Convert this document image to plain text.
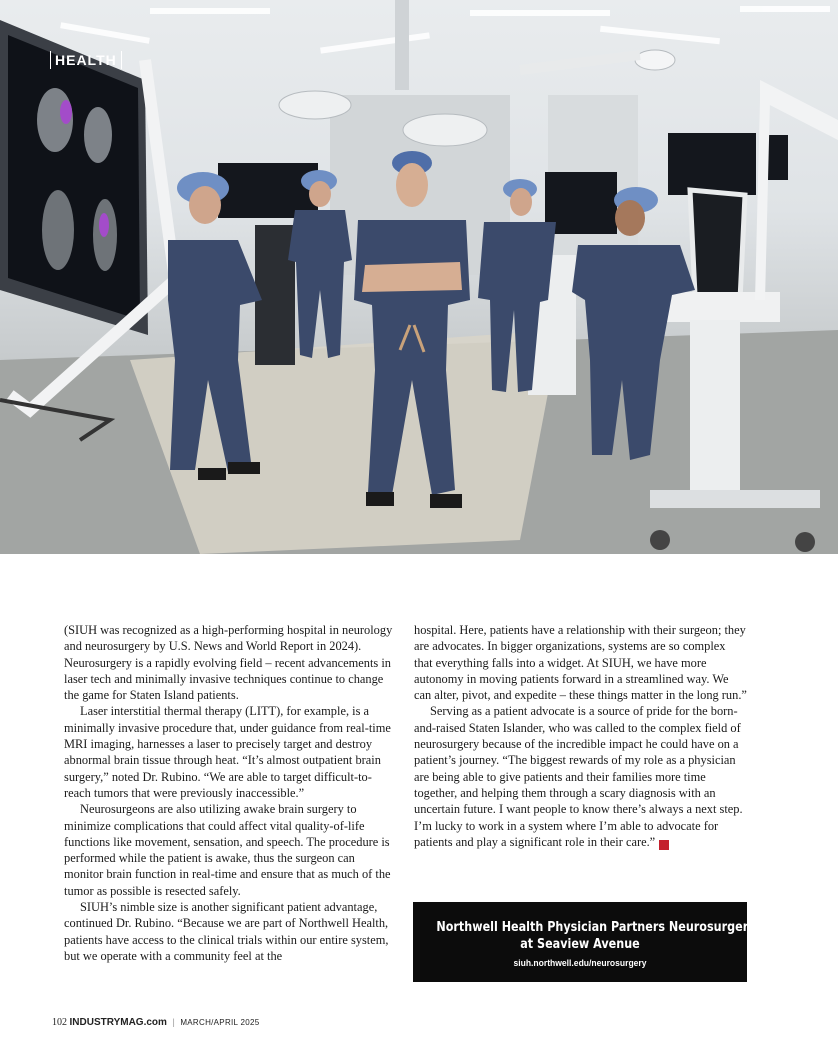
HEALTH

(SIUH was recognized as a high-performing hospital in neurology and neurosurgery by U.S. News and World Report in 2024). Neurosurgery is a rapidly evolving field – recent advancements in laser tech and minimally invasive techniques continue to change the game for Staten Island patients.

Laser interstitial thermal therapy (LITT), for example, is a minimally invasive procedure that, under guidance from real-time MRI imaging, harnesses a laser to precisely target and destroy abnormal brain tissue through heat. “It’s almost outpatient brain surgery,” noted Dr. Rubino. “We are able to target difficult-to-reach tumors that were previously inaccessible.”

Neurosurgeons are also utilizing awake brain surgery to minimize complications that could affect vital quality-of-life functions like movement, sensation, and speech. The procedure is performed while the patient is awake, thus the surgeon can monitor brain function in real-time and ensure that as much of the tumor as possible is resected safely.

SIUH’s nimble size is another significant patient advantage, continued Dr. Rubino. “Because we are part of Northwell Health, patients have access to the clinical trials within our entire system, but we operate with a community feel at the

hospital. Here, patients have a relationship with their surgeon; they are advocates. In bigger organizations, systems are so complex that everything falls into a widget. At SIUH, we have more autonomy in moving patients forward in a streamlined way. We can alter, pivot, and expedite – these things matter in the long run.”

Serving as a patient advocate is a source of pride for the born-and-raised Staten Islander, who was called to the complex field of neurosurgery because of the incredible impact he could have on a patient’s journey. “The biggest rewards of my role as a physician are being able to give patients and their families more time together, and helping them through a scary diagnosis with an uncertain future. I want people to know there’s always a next step. I’m lucky to work in a system where I’m able to advocate for patients and play a significant role in their care.”	I

Northwell Health Physician Partners Neurosurgery
at Seaview Avenue
siuh.northwell.edu/neurosurgery
102 INDUSTRYMAG.com | MARCH/APRIL 2025
